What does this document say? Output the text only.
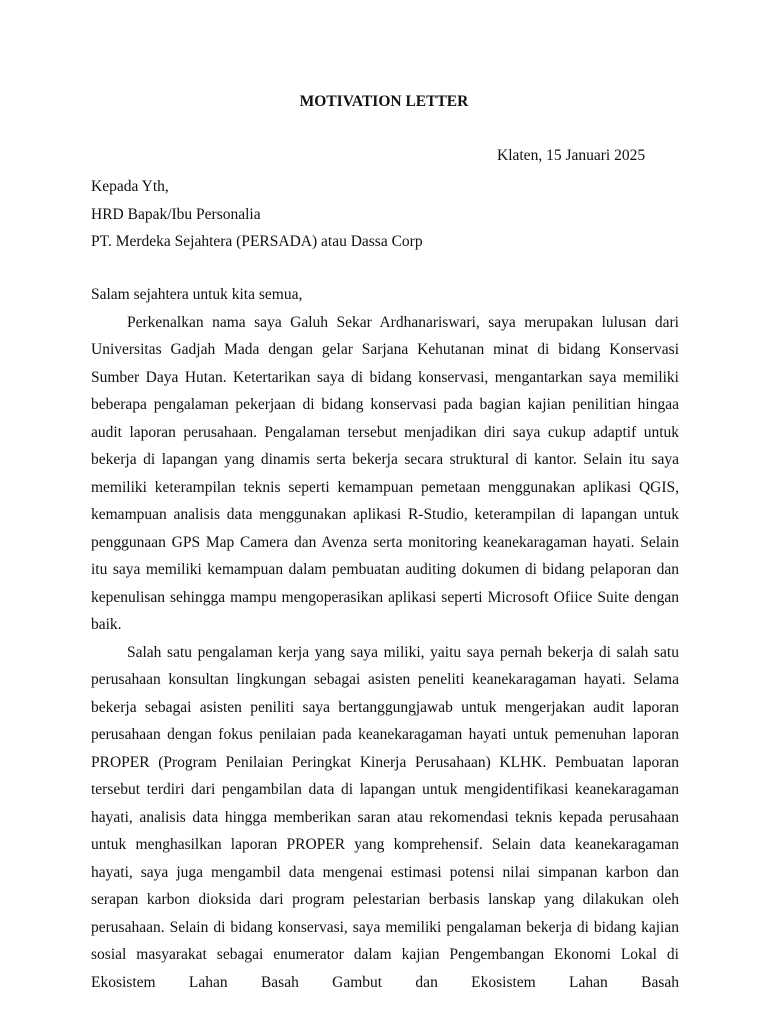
MOTIVATION LETTER
Klaten, 15 Januari 2025
Kepada Yth,
HRD Bapak/Ibu Personalia
PT. Merdeka Sejahtera (PERSADA) atau Dassa Corp
Salam sejahtera untuk kita semua,

Perkenalkan nama saya Galuh Sekar Ardhanariswari, saya merupakan lulusan dari Universitas Gadjah Mada dengan gelar Sarjana Kehutanan minat di bidang Konservasi Sumber Daya Hutan. Ketertarikan saya di bidang konservasi, mengantarkan saya memiliki beberapa pengalaman pekerjaan di bidang konservasi pada bagian kajian penilitian hingaa audit laporan perusahaan. Pengalaman tersebut menjadikan diri saya cukup adaptif untuk bekerja di lapangan yang dinamis serta bekerja secara struktural di kantor. Selain itu saya memiliki keterampilan teknis seperti kemampuan pemetaan menggunakan aplikasi QGIS, kemampuan analisis data menggunakan aplikasi R-Studio, keterampilan di lapangan untuk penggunaan GPS Map Camera dan Avenza serta monitoring keanekaragaman hayati. Selain itu saya memiliki kemampuan dalam pembuatan auditing dokumen di bidang pelaporan dan kepenulisan sehingga mampu mengoperasikan aplikasi seperti Microsoft Ofiice Suite dengan baik.

Salah satu pengalaman kerja yang saya miliki, yaitu saya pernah bekerja di salah satu perusahaan konsultan lingkungan sebagai asisten peneliti keanekaragaman hayati. Selama bekerja sebagai asisten peniliti saya bertanggungjawab untuk mengerjakan audit laporan perusahaan dengan fokus penilaian pada keanekaragaman hayati untuk pemenuhan laporan PROPER (Program Penilaian Peringkat Kinerja Perusahaan) KLHK. Pembuatan laporan tersebut terdiri dari pengambilan data di lapangan untuk mengidentifikasi keanekaragaman hayati, analisis data hingga memberikan saran atau rekomendasi teknis kepada perusahaan untuk menghasilkan laporan PROPER yang komprehensif. Selain data keanekaragaman hayati, saya juga mengambil data mengenai estimasi potensi nilai simpanan karbon dan serapan karbon dioksida dari program pelestarian berbasis lanskap yang dilakukan oleh perusahaan. Selain di bidang konservasi, saya memiliki pengalaman bekerja di bidang kajian sosial masyarakat sebagai enumerator dalam kajian Pengembangan Ekonomi Lokal di Ekosistem Lahan Basah Gambut dan Ekosistem Lahan Basah
